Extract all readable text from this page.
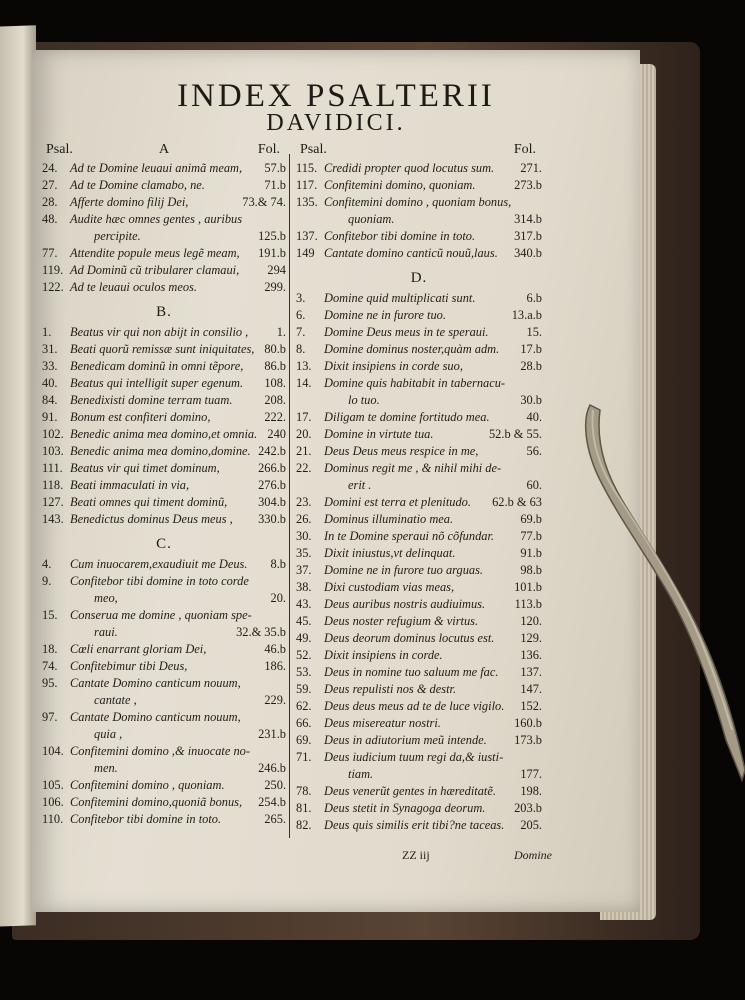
INDEX PSALTERII
DAVIDICI.
Psal.	A	Fol.
24.	Ad te Domine leuaui animã meam,	57.b
27.	Ad te Domine clamabo, ne.	71.b
28.	Afferte domino filij Dei,	73.& 74.
48.	Audite hæc omnes gentes , auribus
percipite.	125.b
77.	Attendite popule meus legẽ meam,	191.b
119. Ad Dominũ cũ tribularer clamaui,	294
122. Ad te leuaui oculos meos.	299.
B.
1.	Beatus vir qui non abijt in consilio , 1.
31.	Beati quorũ remissæ sunt iniquitates, 80.b
33.	Benedicam dominũ in omni tẽpore,	86.b
40.	Beatus qui intelligit super egenum.	108.
84.	Benedixisti domine terram tuam.	208.
91.	Bonum est confiteri domino,	222.
102. Benedic anima mea domino,et omnia. 240
103. Benedic anima mea domino,domine. 242.b
111. Beatus vir qui timet dominum,	266.b
118. Beati immaculati in via,	276.b
127. Beati omnes qui timent dominũ,	304.b
143. Benedictus dominus Deus meus ,	330.b
C.
4.	Cum inuocarem,exaudiuit me Deus. 8.b
9.	Confitebor tibi domine in toto corde
meo,	20.
15.	Conserua me domine , quoniam spe-
raui.	32.& 35.b
18.	Cœli enarrant gloriam Dei,	46.b
74.	Confitebimur tibi Deus,	186.
95.	Cantate Domino canticum nouum,
cantate ,	229.
97.	Cantate Domino canticum nouum,
quia ,	231.b
104. Confitemini domino ,& inuocate no-
men.	246.b
105. Confitemini domino , quoniam.	250.
106. Confitemini domino,quoniã bonus,	254.b
110. Confitebor tibi domine in toto.	265.
Psal.	Fol.
115. Credidi propter quod locutus sum.	271.
117. Confitemini domino, quoniam.	273.b
135. Confitemini domino , quoniam bonus,
quoniam.	314.b
137. Confitebor tibi domine in toto.	317.b
149 Cantate domino canticũ nouũ,laus.	340.b
D.
3.	Domine quid multiplicati sunt.	6.b
6.	Domine ne in furore tuo.	13.a.b
7.	Domine Deus meus in te speraui.	15.
8.	Domine dominus noster,quàm adm.	17.b
13.	Dixit insipiens in corde suo,	28.b
14.	Domine quis habitabit in tabernacu-
lo tuo.	30.b
17.	Diligam te domine fortitudo mea.	40.
20.	Domine in virtute tua.	52.b & 55.
21.	Deus Deus meus respice in me,	56.
22.	Dominus regit me , & nihil mihi de-
erit .	60.
23.	Domini est terra et plenitudo.	62.b & 63
26.	Dominus illuminatio mea.	69.b
30.	In te Domine speraui nõ cõfundar.	77.b
35.	Dixit iniustus,vt delinquat.	91.b
37.	Domine ne in furore tuo arguas.	98.b
38.	Dixi custodiam vias meas,	101.b
43.	Deus auribus nostris audiuimus.	113.b
45.	Deus noster refugium & virtus.	120.
49.	Deus deorum dominus locutus est.	129.
52.	Dixit insipiens in corde.	136.
53.	Deus in nomine tuo saluum me fac.	137.
59.	Deus repulisti nos & destr.	147.
62.	Deus deus meus ad te de luce vigilo. 152.
66.	Deus misereatur nostri.	160.b
69.	Deus in adiutorium meũ intende.	173.b
71.	Deus iudicium tuum regi da,& iusti-
tiam.	177.
78.	Deus venerũt gentes in hæreditatẽ.	198.
81.	Deus stetit in Synagoga deorum.	203.b
82.	Deus quis similis erit tibi?ne taceas. 205.
ZZ iij	Domine
